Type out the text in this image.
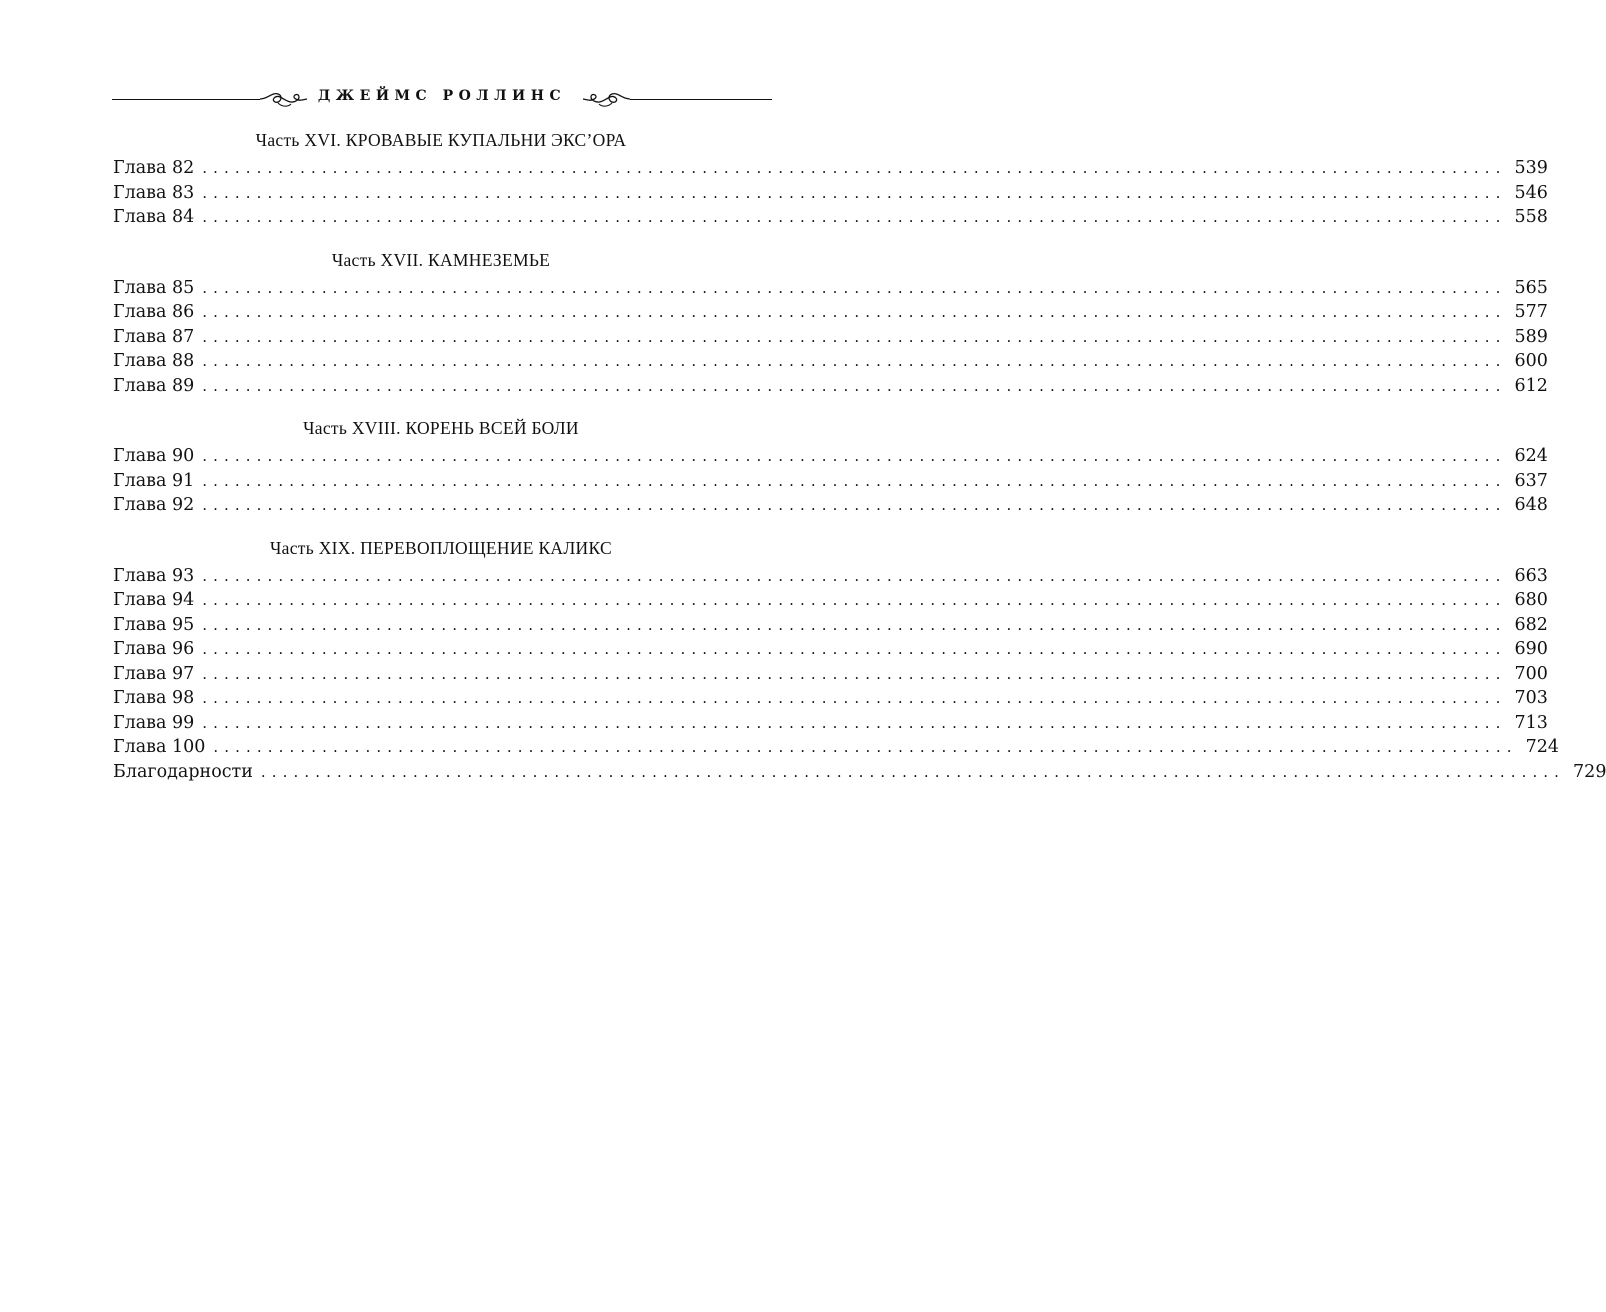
ДЖЕЙМС РОЛЛИНС
Часть XVI. КРОВАВЫЕ КУПАЛЬНИ ЭКС’ОРА
Глава 82 ........................................................................................................................ 539
Глава 83 ........................................................................................................................ 546
Глава 84 ........................................................................................................................ 558
Часть XVII. КАМНЕЗЕМЬЕ
Глава 85 ........................................................................................................................ 565
Глава 86 ........................................................................................................................ 577
Глава 87 ........................................................................................................................ 589
Глава 88 ........................................................................................................................ 600
Глава 89 ........................................................................................................................ 612
Часть XVIII. КОРЕНЬ ВСЕЙ БОЛИ
Глава 90 ........................................................................................................................ 624
Глава 91 ........................................................................................................................ 637
Глава 92 ........................................................................................................................ 648
Часть XIX. ПЕРЕВОПЛОЩЕНИЕ КАЛИКС
Глава 93 ........................................................................................................................ 663
Глава 94 ........................................................................................................................ 680
Глава 95 ........................................................................................................................ 682
Глава 96 ........................................................................................................................ 690
Глава 97 ........................................................................................................................ 700
Глава 98 ........................................................................................................................ 703
Глава 99 ........................................................................................................................ 713
Глава 100 ........................................................................................................................ 724
Благодарности ........................................................................................................................ 729
